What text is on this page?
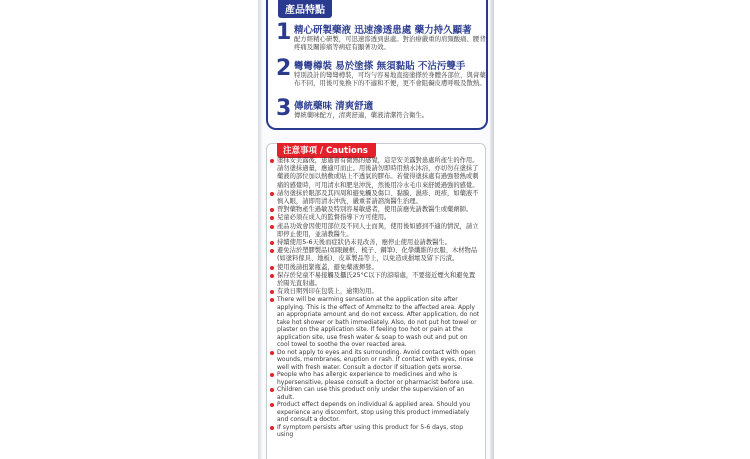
產品特點
1 精心研製藥液 迅速滲透患處 藥力持久顯著
配方經精心研製，可迅速滲透到患處。對治療嚴重的肩頸酸痛、腰背疼痛及關節痛等病症有顯著功效。
2 彎彎樽裝 易於塗搽 無須黏貼 不沾污雙手
特別設計的彎彎樽裝，可均勻容易地直接塗搽於身體各部位，與膏藥布不同，用後可免換下的不適和不便，更不會阻礙皮膚呼吸及散熱。
3 傳統藥味 清爽舒適
傳統藥味配方，清爽舒適，藥液清潔符合衛生。
注意事項 / Cautions
塗抹安美露後，患處會有微熱的感覺，這是安美露對患處所產生的作用。請勿塗抹過量，應適可而止。用後請勿即時用熱水沐浴，亦切勿在塗抹了藥液的部位加以熱敷或貼上不透氣的膠布。若覺得塗抹處有過強發熱或刺痛的感覺時，可用清水和肥皂沖洗，然後用冷水毛巾來舒緩過強的感覺。
請勿塗抹於眼部及其四周和避免觸及傷口、黏膜、濕疹、斑疹，如藥液不慎入眼，請即用清水沖洗，嚴重者請諮詢醫生治理。
曾對藥物產生過敏及特別容易敏感者，使用前應先請教醫生或藥劑師。
兒童必須在成人的監督指導下方可使用。
產品功效會因使用部位及不同人士而異，使用後如感到不適的情況，請立即停止使用，並請教醫生。
持續使用5-6天後而症狀仍未見改善，應停止使用並請教醫生。
避免沾於塑膠製品(如眼鏡框、梳子、鋼筆)、化學纖維的衣服、木材物品(如塗料傢具、地板)、皮革製品等上，以免造成損壞及留下污漬。
使用後請扭緊瓶蓋，避免藥液揮發。
保存於兒童不易接觸及攝氏25°C以下的涼暗處，不要接近煙火和避免置於陽光直射處。
有效日期列印在包裝上，逾期勿用。
There will be warming sensation at the application site after applying. This is the effect of Ammeltz to the affected area. Apply an appropriate amount and do not excess. After application, do not take hot shower or bath immediately. Also, do not put hot towel or plaster on the application site. If feeling too hot or pain at the application site, use fresh water & soap to wash out and put on cool towel to soothe the over reacted area.
Do not apply to eyes and its surrounding. Avoid contact with open wounds, membranes, eruption or rash. If contact with eyes, rinse well with fresh water. Consult a doctor if situation gets worse.
People who has allergic experience to medicines and who is hypersensitive, please consult a doctor or pharmacist before use.
Children can use this product only under the supervision of an adult.
Product effect depends on individual & applied area. Should you experience any discomfort, stop using this product immediately and consult a doctor.
If symptom persists after using this product for 5-6 days, stop using
